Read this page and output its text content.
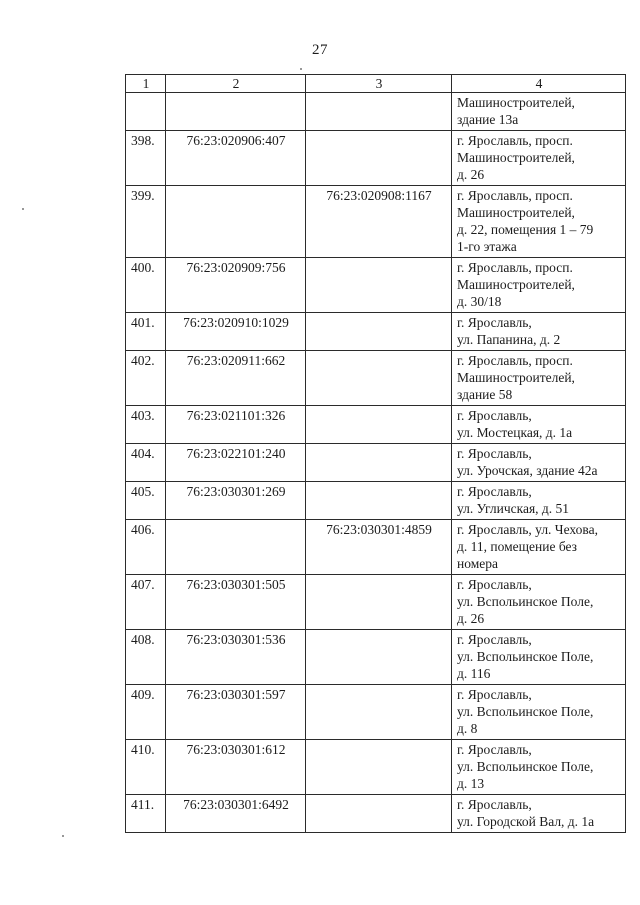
27
1	2	3	4
			Машиностроителей,
здание 13а
398.	76:23:020906:407		г. Ярославль, просп.
Машиностроителей,
д. 26
399.		76:23:020908:1167	г. Ярославль, просп.
Машиностроителей,
д. 22, помещения 1 – 79
1-го этажа
400.	76:23:020909:756		г. Ярославль, просп.
Машиностроителей,
д. 30/18
401.	76:23:020910:1029		г. Ярославль,
ул. Папанина, д. 2
402.	76:23:020911:662		г. Ярославль, просп.
Машиностроителей,
здание 58
403.	76:23:021101:326		г. Ярославль,
ул. Мостецкая, д. 1а
404.	76:23:022101:240		г. Ярославль,
ул. Урочская, здание 42а
405.	76:23:030301:269		г. Ярославль,
ул. Угличская, д. 51
406.		76:23:030301:4859	г. Ярославль, ул. Чехова,
д. 11, помещение без
номера
407.	76:23:030301:505		г. Ярославль,
ул. Вспольинское Поле,
д. 26
408.	76:23:030301:536		г. Ярославль,
ул. Вспольинское Поле,
д. 116
409.	76:23:030301:597		г. Ярославль,
ул. Вспольинское Поле,
д. 8
410.	76:23:030301:612		г. Ярославль,
ул. Вспольинское Поле,
д. 13
411.	76:23:030301:6492		г. Ярославль,
ул. Городской Вал, д. 1а
